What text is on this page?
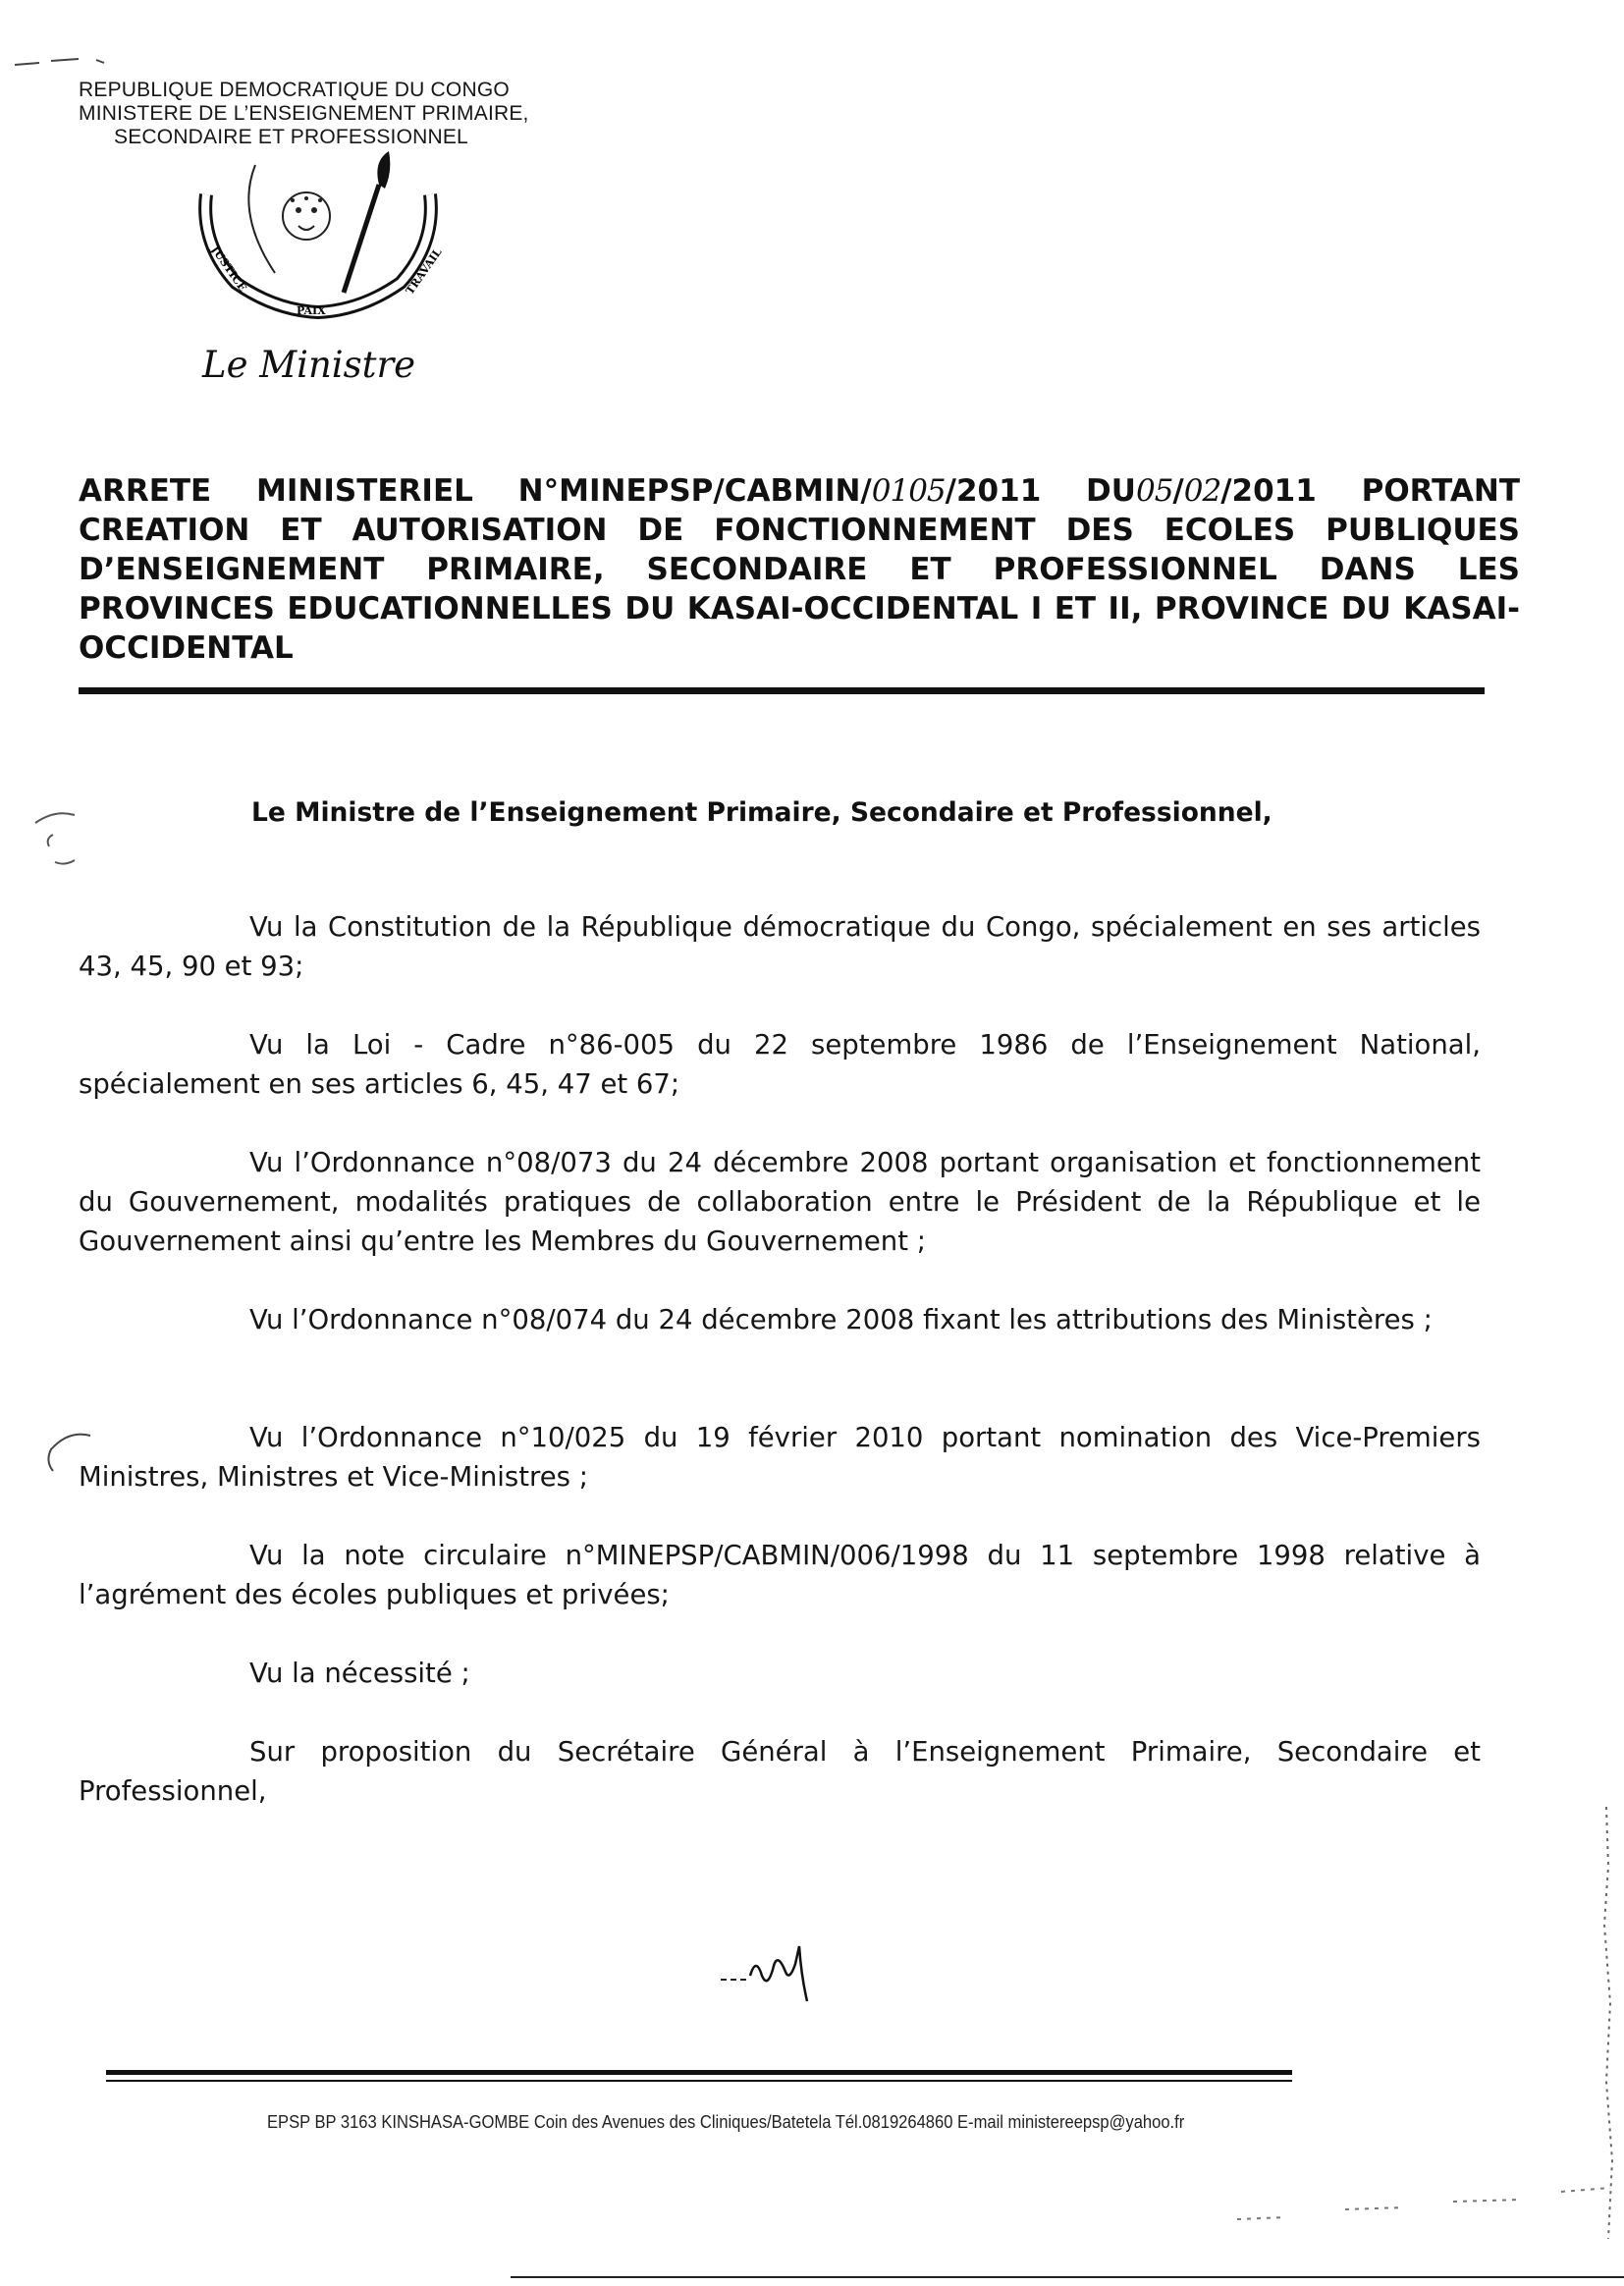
REPUBLIQUE DEMOCRATIQUE DU CONGO
MINISTERE DE L’ENSEIGNEMENT PRIMAIRE,
SECONDAIRE ET PROFESSIONNEL
JUSTICE
PAIX
TRAVAIL
Le Ministre
ARRETE MINISTERIEL N°MINEPSP/CABMIN/0105/2011 DU05/02/2011 PORTANT CREATION ET AUTORISATION DE FONCTIONNEMENT DES ECOLES PUBLIQUES D’ENSEIGNEMENT PRIMAIRE, SECONDAIRE ET PROFESSIONNEL DANS LES PROVINCES EDUCATIONNELLES DU KASAI-OCCIDENTAL I ET II, PROVINCE DU KASAI-OCCIDENTAL
Le Ministre de l’Enseignement Primaire, Secondaire et Professionnel,
Vu la Constitution de la République démocratique du Congo, spécialement en ses articles 43, 45, 90 et 93;
Vu la Loi - Cadre n°86-005 du 22 septembre 1986 de l’Enseignement National, spécialement en ses articles 6, 45, 47 et 67;
Vu l’Ordonnance n°08/073 du 24 décembre 2008 portant organisation et fonctionnement du Gouvernement, modalités pratiques de collaboration entre le Président de la République et le Gouvernement ainsi qu’entre les Membres du Gouvernement ;
Vu l’Ordonnance n°08/074 du 24 décembre 2008 fixant les attributions des Ministères ;
Vu l’Ordonnance n°10/025 du 19 février 2010 portant nomination des Vice-Premiers Ministres, Ministres et Vice-Ministres ;
Vu la note circulaire n°MINEPSP/CABMIN/006/1998 du 11 septembre 1998 relative à l’agrément des écoles publiques et privées;
Vu la nécessité ;
Sur proposition du Secrétaire Général à l’Enseignement Primaire, Secondaire et Professionnel,
EPSP BP 3163 KINSHASA-GOMBE Coin des Avenues des Cliniques/Batetela Tél.0819264860 E-mail ministereepsp@yahoo.fr
